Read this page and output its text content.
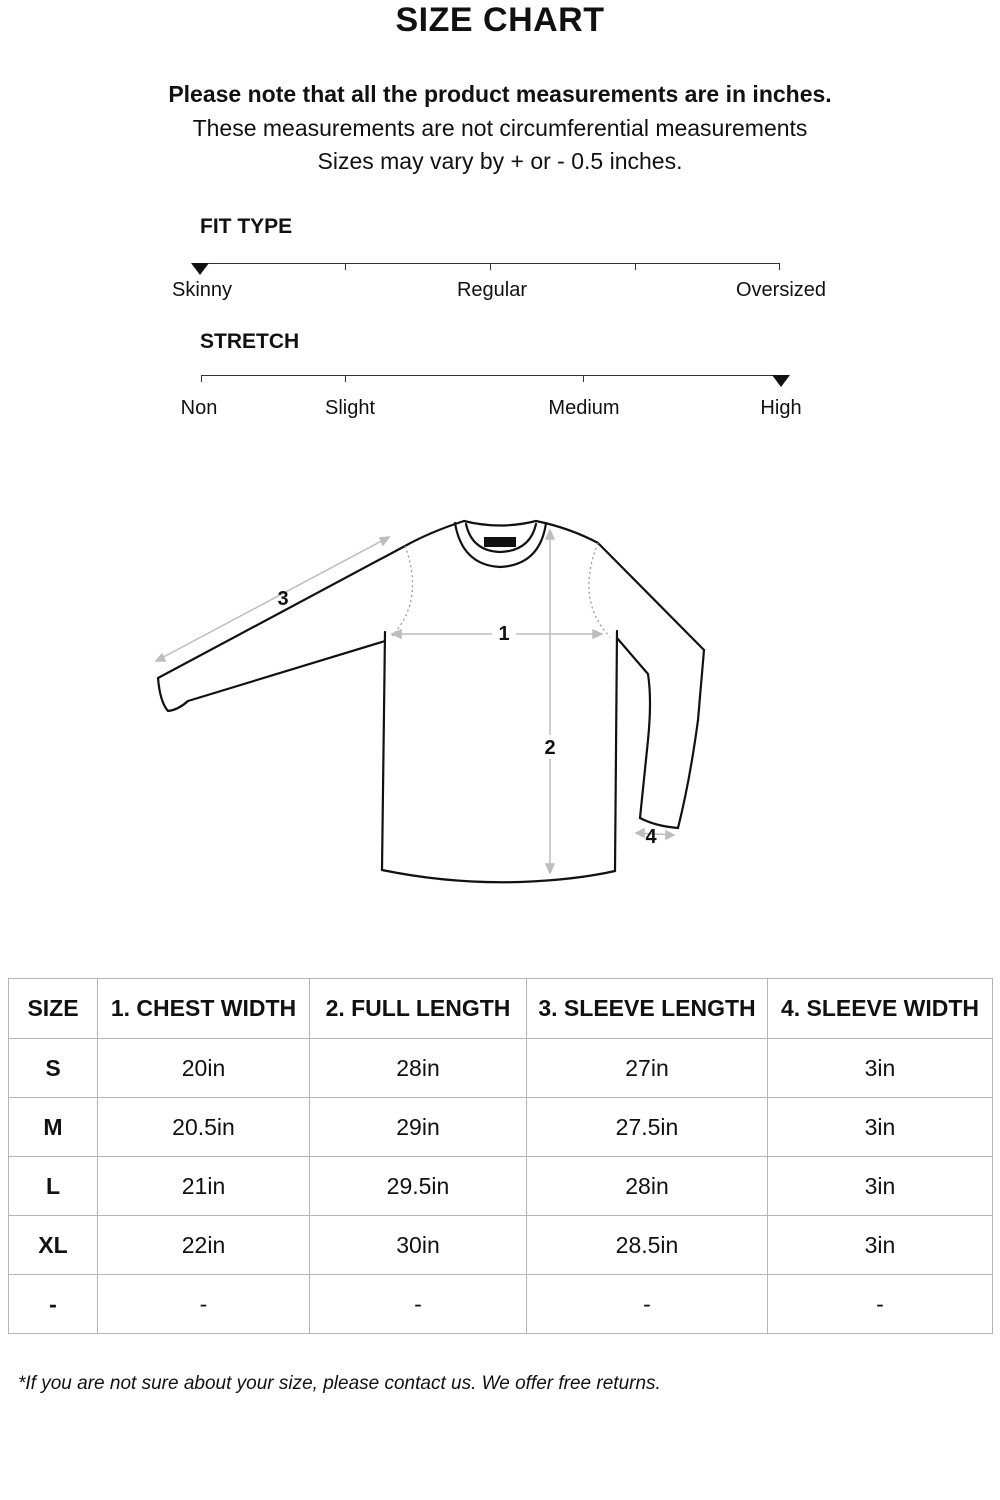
SIZE CHART
Please note that all the product measurements are in inches.
These measurements are not circumferential measurements
Sizes may vary by + or - 0.5 inches.
FIT TYPE
Skinny	Regular	Oversized
STRETCH
Non	Slight	Medium	High
1
2
3
4
SIZE	1. CHEST WIDTH	2. FULL LENGTH	3. SLEEVE LENGTH	4. SLEEVE WIDTH
S	20in	28in	27in	3in
M	20.5in	29in	27.5in	3in
L	21in	29.5in	28in	3in
XL	22in	30in	28.5in	3in
-	-	-	-	-
*If you are not sure about your size, please contact us. We offer free returns.
